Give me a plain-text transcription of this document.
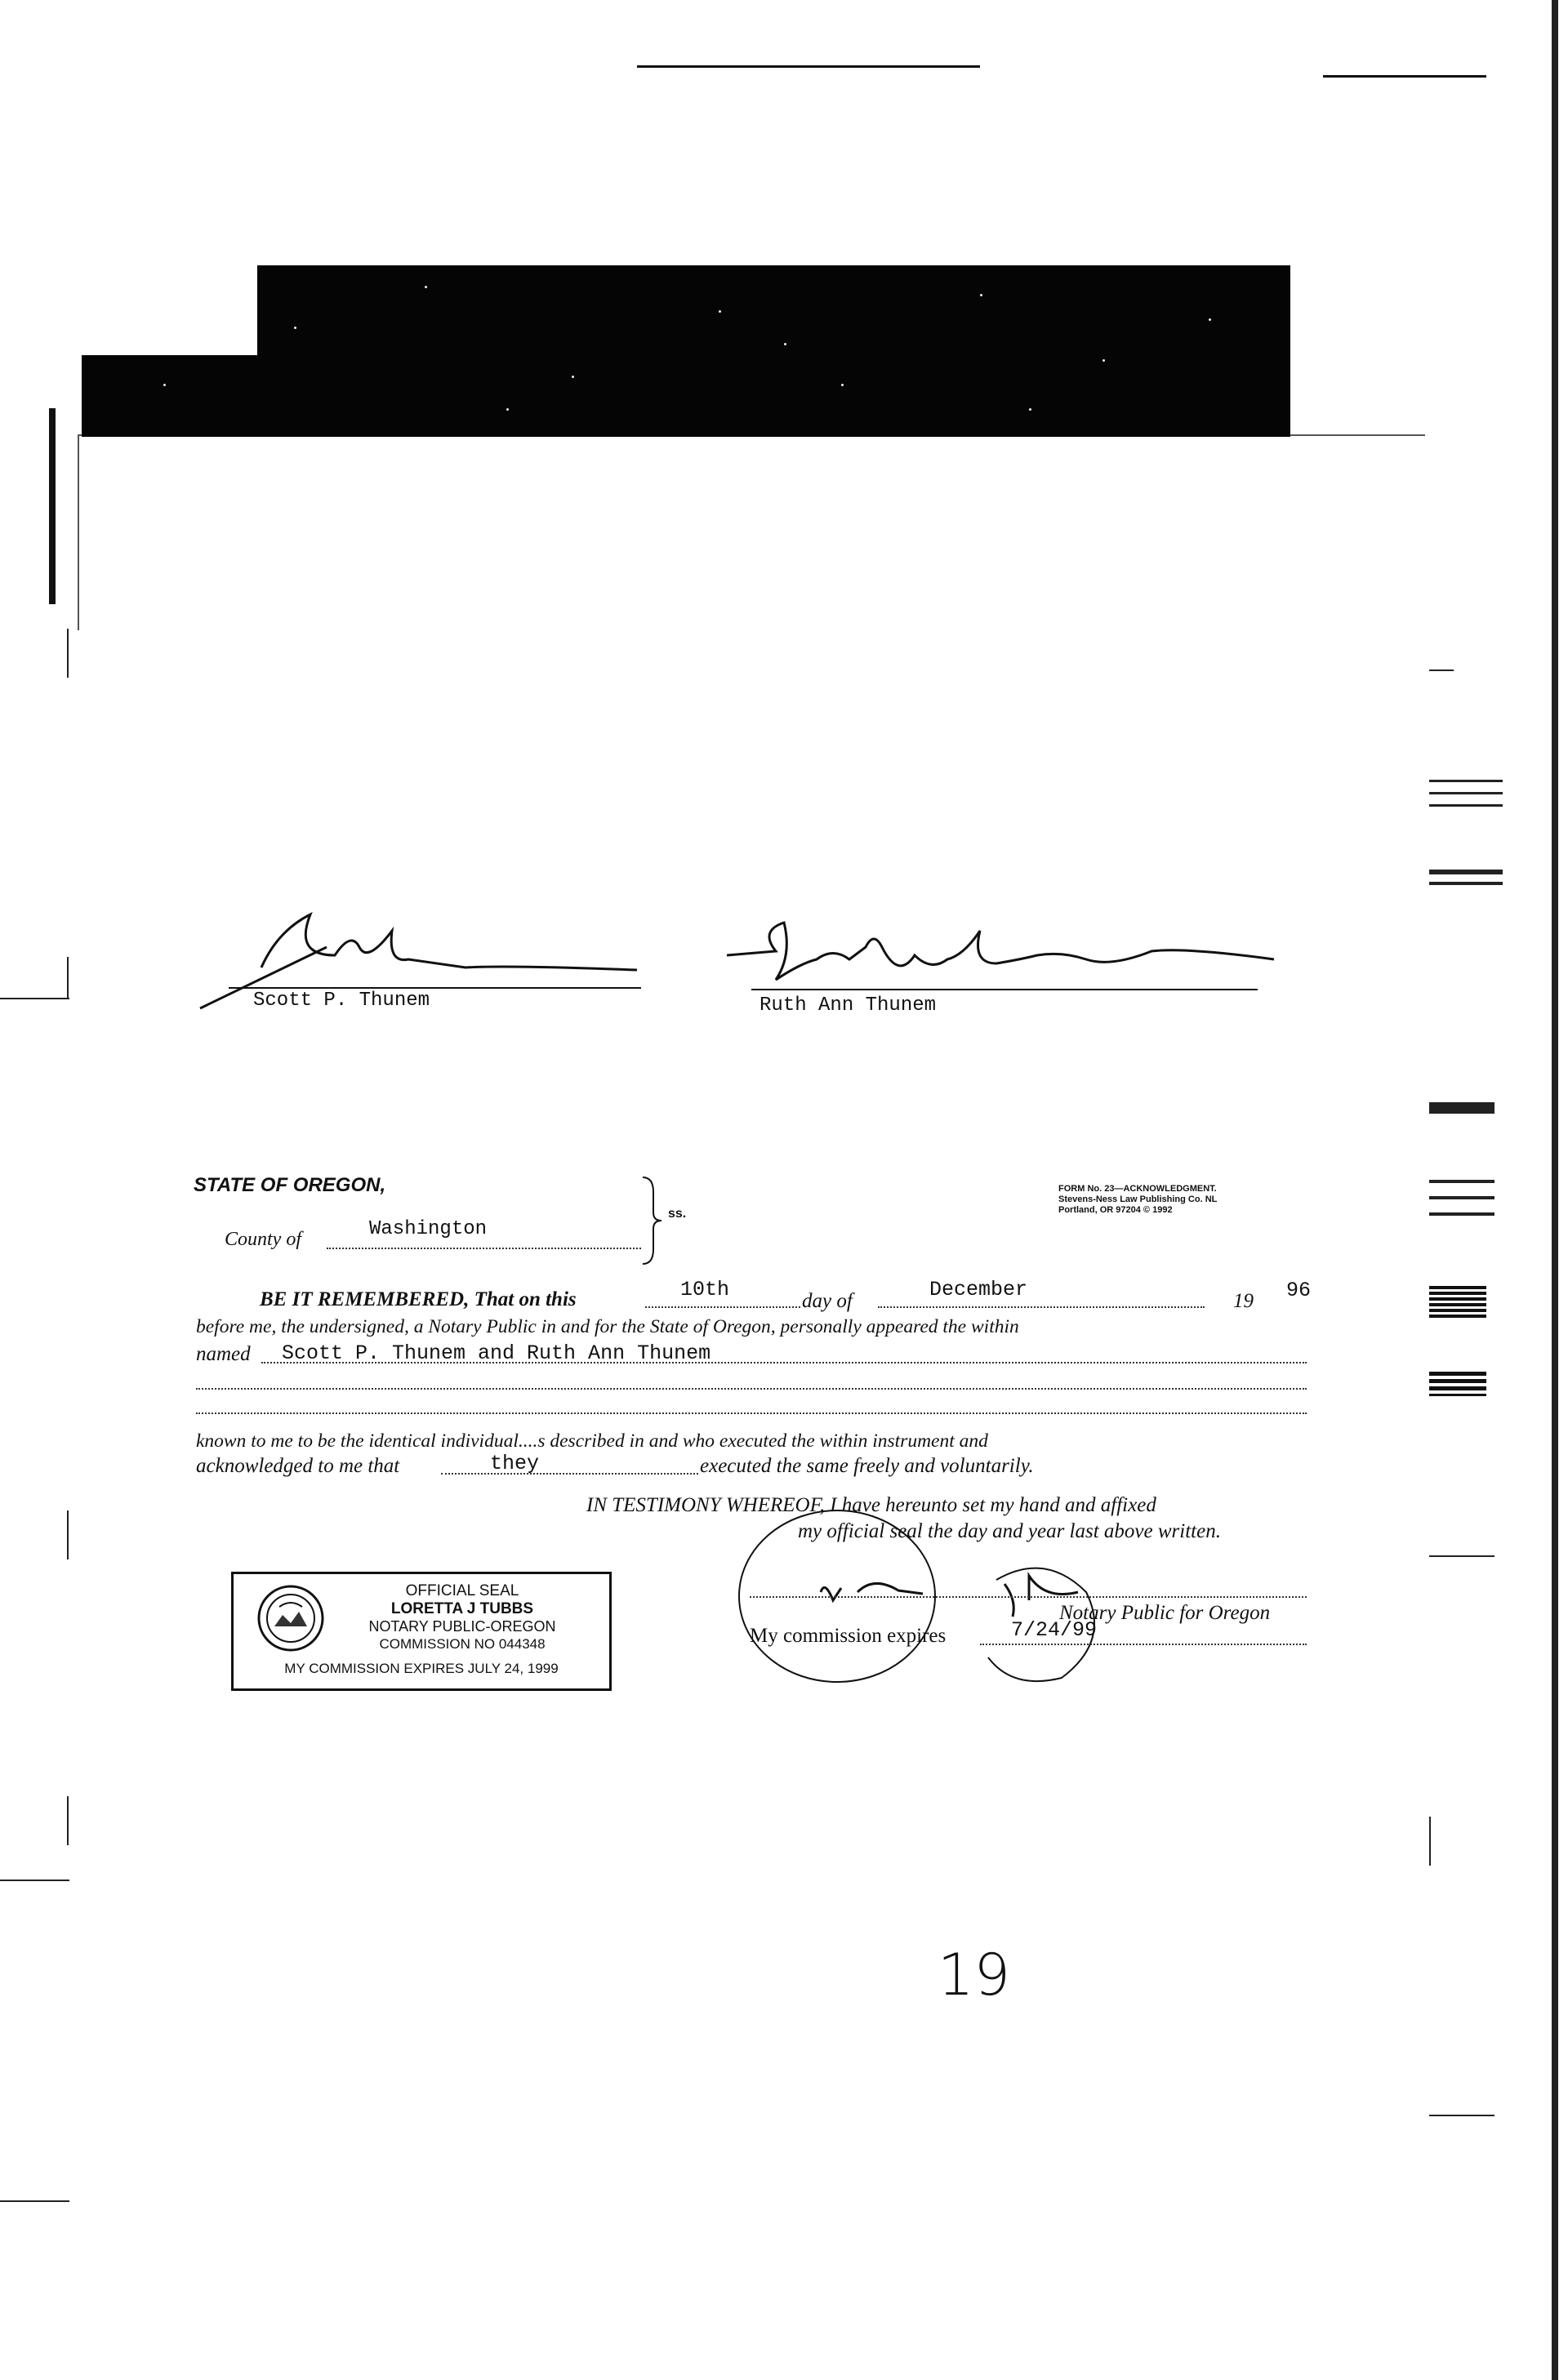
Scott P. Thunem	Ruth Ann Thunem
STATE OF OREGON,
County of	Washington
ss.
FORM No. 23—ACKNOWLEDGMENT.
Stevens-Ness Law Publishing Co. NL
Portland, OR 97204 © 1992
BE IT REMEMBERED, That on this	10th	day of	December	19 96
before me, the undersigned, a Notary Public in and for the State of Oregon, personally appeared the within
named Scott P. Thunem and Ruth Ann Thunem
known to me to be the identical individual....s described in and who executed the within instrument and
acknowledged to me that	they	executed the same freely and voluntarily.
IN TESTIMONY WHEREOF, I have hereunto set my hand and affixed
my official seal the day and year last above written.
OFFICIAL SEAL
LORETTA J TUBBS
NOTARY PUBLIC-OREGON
COMMISSION NO 044348
MY COMMISSION EXPIRES JULY 24, 1999
Notary Public for Oregon
My commission expires	7/24/99
19
